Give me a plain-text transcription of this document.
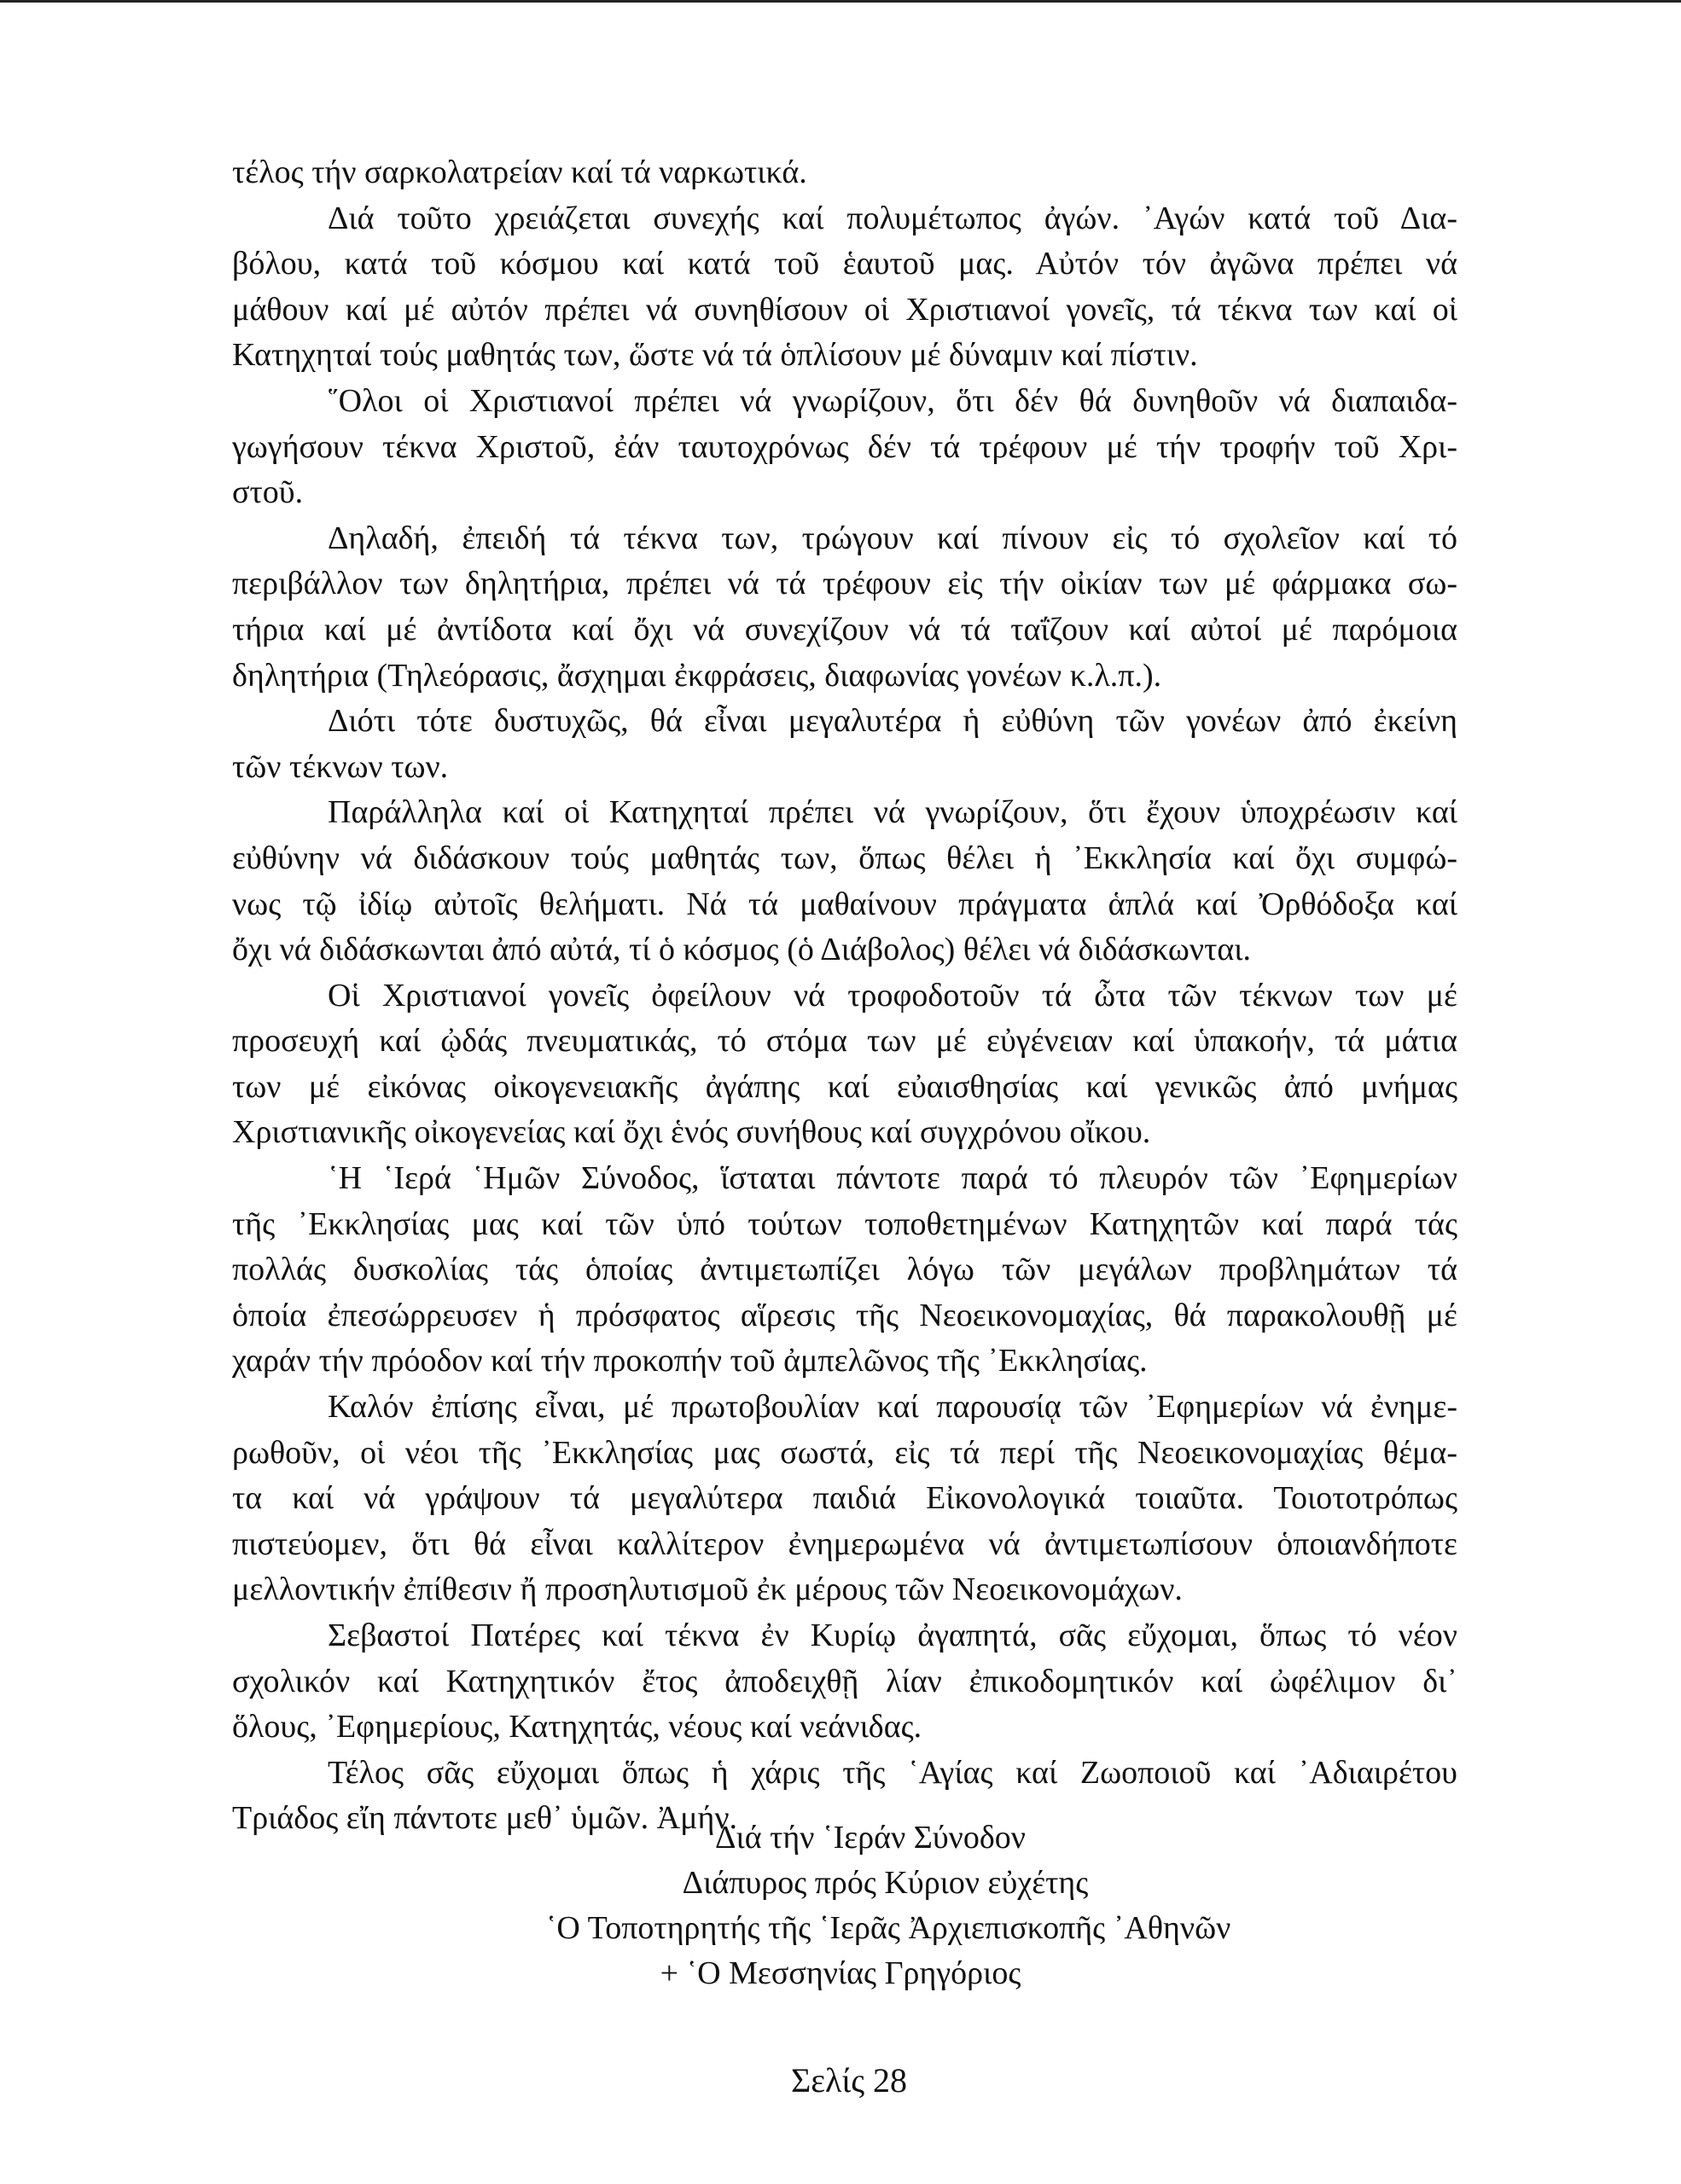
τέλος τήν σαρκολατρείαν καί τά ναρκωτικά.
Διά τοῦτο χρειάζεται συνεχής καί πολυμέτωπος ἀγών. ᾿Αγών κατά τοῦ Δια-
βόλου, κατά τοῦ κόσμου καί κατά τοῦ ἑαυτοῦ μας. Αὐτόν τόν ἀγῶνα πρέπει νά
μάθουν καί μέ αὐτόν πρέπει νά συνηθίσουν οἱ Χριστιανοί γονεῖς, τά τέκνα των καί οἱ
Κατηχηταί τούς μαθητάς των, ὥστε νά τά ὁπλίσουν μέ δύναμιν καί πίστιν.
῞Ολοι οἱ Χριστιανοί πρέπει νά γνωρίζουν, ὅτι δέν θά δυνηθοῦν νά διαπαιδα-
γωγήσουν τέκνα Χριστοῦ, ἐάν ταυτοχρόνως δέν τά τρέφουν μέ τήν τροφήν τοῦ Χρι-
στοῦ.
Δηλαδή, ἐπειδή τά τέκνα των, τρώγουν καί πίνουν εἰς τό σχολεῖον καί τό
περιβάλλον των δηλητήρια, πρέπει νά τά τρέφουν εἰς τήν οἰκίαν των μέ φάρμακα σω-
τήρια καί μέ ἀντίδοτα καί ὄχι νά συνεχίζουν νά τά ταΐζουν καί αὐτοί μέ παρόμοια
δηλητήρια (Τηλεόρασις, ἄσχημαι ἐκφράσεις, διαφωνίας γονέων κ.λ.π.).
Διότι τότε δυστυχῶς, θά εἶναι μεγαλυτέρα ἡ εὐθύνη τῶν γονέων ἀπό ἐκείνη
τῶν τέκνων των.
Παράλληλα καί οἱ Κατηχηταί πρέπει νά γνωρίζουν, ὅτι ἔχουν ὑποχρέωσιν καί
εὐθύνην νά διδάσκουν τούς μαθητάς των, ὅπως θέλει ἡ ᾿Εκκλησία καί ὄχι συμφώ-
νως τῷ ἰδίῳ αὐτοῖς θελήματι. Νά τά μαθαίνουν πράγματα ἁπλά καί Ὀρθόδοξα καί
ὄχι νά διδάσκωνται ἀπό αὐτά, τί ὁ κόσμος (ὁ Διάβολος) θέλει νά διδάσκωνται.
Οἱ Χριστιανοί γονεῖς ὀφείλουν νά τροφοδοτοῦν τά ὦτα τῶν τέκνων των μέ
προσευχή καί ᾠδάς πνευματικάς, τό στόμα των μέ εὐγένειαν καί ὑπακοήν, τά μάτια
των μέ εἰκόνας οἰκογενειακῆς ἀγάπης καί εὐαισθησίας καί γενικῶς ἀπό μνήμας
Χριστιανικῆς οἰκογενείας καί ὄχι ἑνός συνήθους καί συγχρόνου οἴκου.
῾Η ῾Ιερά ῾Ημῶν Σύνοδος, ἵσταται πάντοτε παρά τό πλευρόν τῶν ᾿Εφημερίων
τῆς ᾿Εκκλησίας μας καί τῶν ὑπό τούτων τοποθετημένων Κατηχητῶν καί παρά τάς
πολλάς δυσκολίας τάς ὁποίας ἀντιμετωπίζει λόγω τῶν μεγάλων προβλημάτων τά
ὁποία ἐπεσώρρευσεν ἡ πρόσφατος αἵρεσις τῆς Νεοεικονομαχίας, θά παρακολουθῇ μέ
χαράν τήν πρόοδον καί τήν προκοπήν τοῦ ἀμπελῶνος τῆς ᾿Εκκλησίας.
Καλόν ἐπίσης εἶναι, μέ πρωτοβουλίαν καί παρουσίᾳ τῶν ᾿Εφημερίων νά ἐνημε-
ρωθοῦν, οἱ νέοι τῆς ᾿Εκκλησίας μας σωστά, εἰς τά περί τῆς Νεοεικονομαχίας θέμα-
τα καί νά γράψουν τά μεγαλύτερα παιδιά Εἰκονολογικά τοιαῦτα. Τοιοτοτρόπως
πιστεύομεν, ὅτι θά εἶναι καλλίτερον ἐνημερωμένα νά ἀντιμετωπίσουν ὁποιανδήποτε
μελλοντικήν ἐπίθεσιν ἤ προσηλυτισμοῦ ἐκ μέρους τῶν Νεοεικονομάχων.
Σεβαστοί Πατέρες καί τέκνα ἐν Κυρίῳ ἀγαπητά, σᾶς εὔχομαι, ὅπως τό νέον
σχολικόν καί Κατηχητικόν ἔτος ἀποδειχθῇ λίαν ἐπικοδομητικόν καί ὠφέλιμον δι᾿
ὅλους, ᾿Εφημερίους, Κατηχητάς, νέους καί νεάνιδας.
Τέλος σᾶς εὔχομαι ὅπως ἡ χάρις τῆς ῾Αγίας καί Ζωοποιοῦ καί ᾿Αδιαιρέτου
Τριάδος εἴη πάντοτε μεθ᾿ ὑμῶν. Ἀμήν.
Διά τήν ῾Ιεράν Σύνοδον
Διάπυρος πρός Κύριον εὐχέτης
῾Ο Τοποτηρητής τῆς ῾Ιερᾶς Ἀρχιεπισκοπῆς ᾿Αθηνῶν
+ ῾Ο Μεσσηνίας Γρηγόριος
Σελίς 28
